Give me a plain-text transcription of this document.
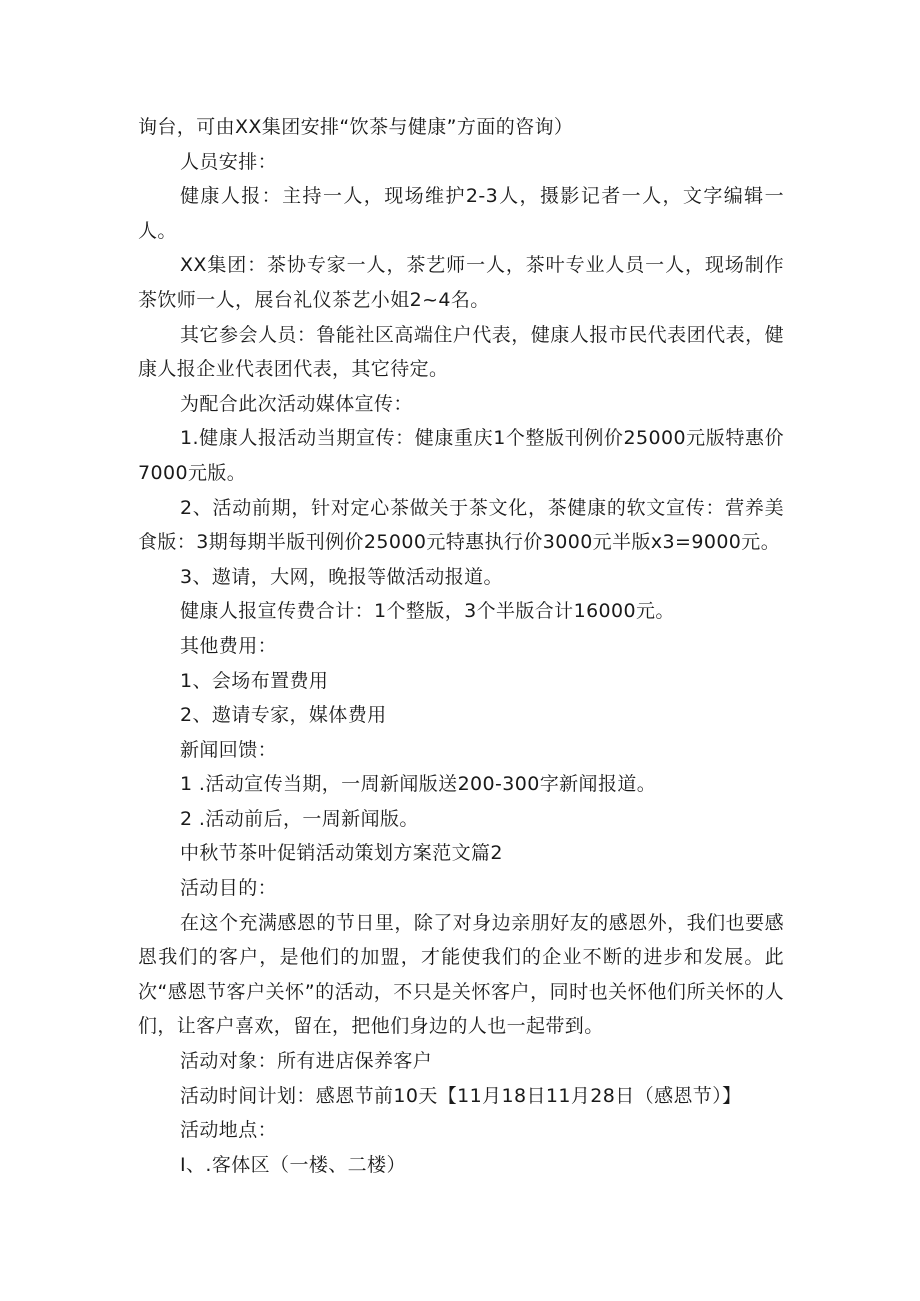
询台，可由XX集团安排“饮茶与健康”方面的咨询）

人员安排：

健康人报：主持一人，现场维护2-3人，摄影记者一人，文字编辑一人。

XX集团：茶协专家一人，茶艺师一人，茶叶专业人员一人，现场制作茶饮师一人，展台礼仪茶艺小姐2~4名。

其它参会人员：鲁能社区高端住户代表，健康人报市民代表团代表，健康人报企业代表团代表，其它待定。

为配合此次活动媒体宣传：

1.健康人报活动当期宣传：健康重庆1个整版刊例价25000元版特惠价7000元版。

2、活动前期，针对定心茶做关于茶文化，茶健康的软文宣传：营养美食版：3期每期半版刊例价25000元特惠执行价3000元半版x3=9000元。

3、遨请，大网，晚报等做活动报道。

健康人报宣传费合计：1个整版，3个半版合计16000元。

其他费用：

1、会场布置费用

2、遨请专家，媒体费用

新闻回馈：

1 .活动宣传当期，一周新闻版送200-300字新闻报道。

2 .活动前后，一周新闻版。

中秋节茶叶促销活动策划方案范文篇2

活动目的：

在这个充满感恩的节日里，除了对身边亲朋好友的感恩外，我们也要感恩我们的客户，是他们的加盟，才能使我们的企业不断的进步和发展。此次“感恩节客户关怀”的活动，不只是关怀客户，同时也关怀他们所关怀的人们，让客户喜欢，留在，把他们身边的人也一起带到。

活动对象：所有进店保养客户

活动时间计划：感恩节前10天【11月18日11月28日（感恩节）】

活动地点：

I、.客体区（一楼、二楼）
